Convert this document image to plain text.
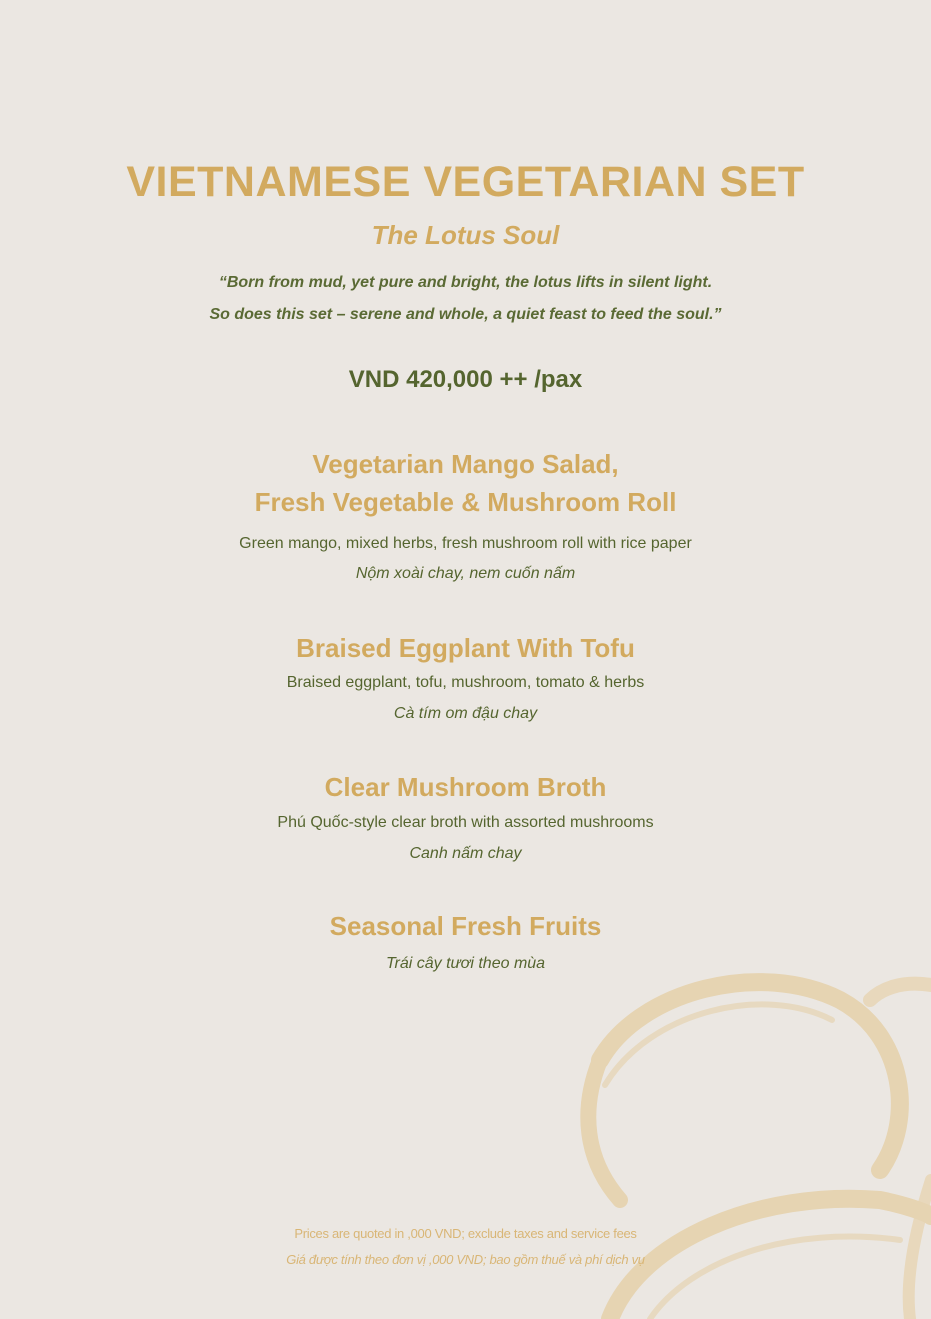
VIETNAMESE VEGETARIAN SET
The Lotus Soul
“Born from mud, yet pure and bright, the lotus lifts in silent light.
So does this set – serene and whole, a quiet feast to feed the soul.”
VND 420,000 ++ /pax
Vegetarian Mango Salad,
Fresh Vegetable & Mushroom Roll
Green mango, mixed herbs, fresh mushroom roll with rice paper
Nộm xoài chay, nem cuốn nấm
Braised Eggplant With Tofu
Braised eggplant, tofu, mushroom, tomato & herbs
Cà tím om đậu chay
Clear Mushroom Broth
Phú Quốc-style clear broth with assorted mushrooms
Canh nấm chay
Seasonal Fresh Fruits
Trái cây tươi theo mùa
Prices are quoted in ,000 VND; exclude taxes and service fees
Giá được tính theo đơn vị ,000 VND; bao gồm thuế và phí dịch vụ
